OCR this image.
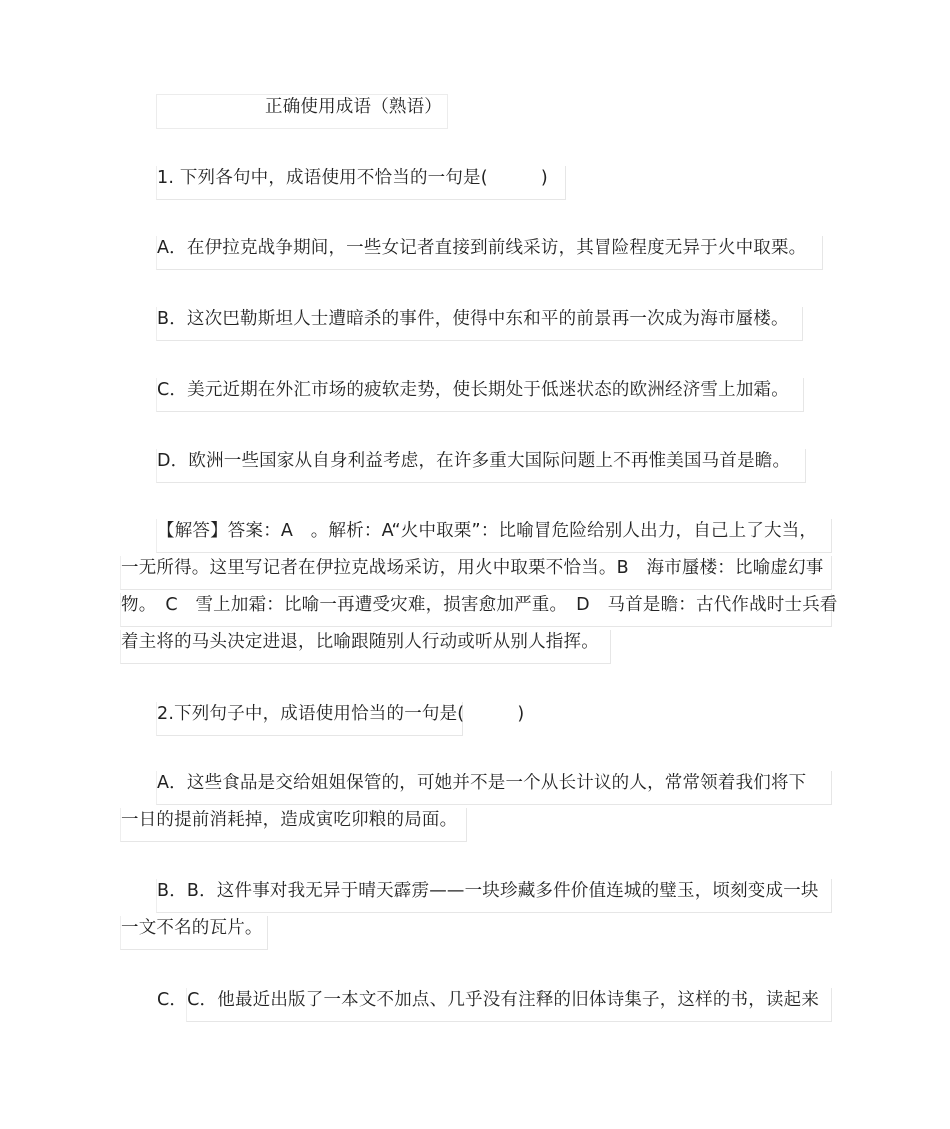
正确使用成语（熟语）
1. 下列各句中，成语使用不恰当的一句是(　　　)
A．在伊拉克战争期间，一些女记者直接到前线采访，其冒险程度无异于火中取栗。
B．这次巴勒斯坦人士遭暗杀的事件，使得中东和平的前景再一次成为海市蜃楼。
C．美元近期在外汇市场的疲软走势，使长期处于低迷状态的欧洲经济雪上加霜。
D．欧洲一些国家从自身利益考虑，在许多重大国际问题上不再惟美国马首是瞻。
【解答】答案：A　。解析：A“火中取栗”：比喻冒危险给别人出力，自己上了大当，
一无所得。这里写记者在伊拉克战场采访，用火中取栗不恰当。B　海市蜃楼：比喻虚幻事
物。　C　雪上加霜：比喻一再遭受灾难，损害愈加严重。　D　马首是瞻：古代作战时士兵看
着主将的马头决定进退，比喻跟随别人行动或听从别人指挥。
2.下列句子中，成语使用恰当的一句是(　　　)
A．这些食品是交给姐姐保管的，可她并不是一个从长计议的人，常常领着我们将下
一日的提前消耗掉，造成寅吃卯粮的局面。
B．B．这件事对我无异于晴天霹雳——一块珍藏多件价值连城的璧玉，顷刻变成一块
一文不名的瓦片。
C．C．他最近出版了一本文不加点、几乎没有注释的旧体诗集子，这样的书，读起来
